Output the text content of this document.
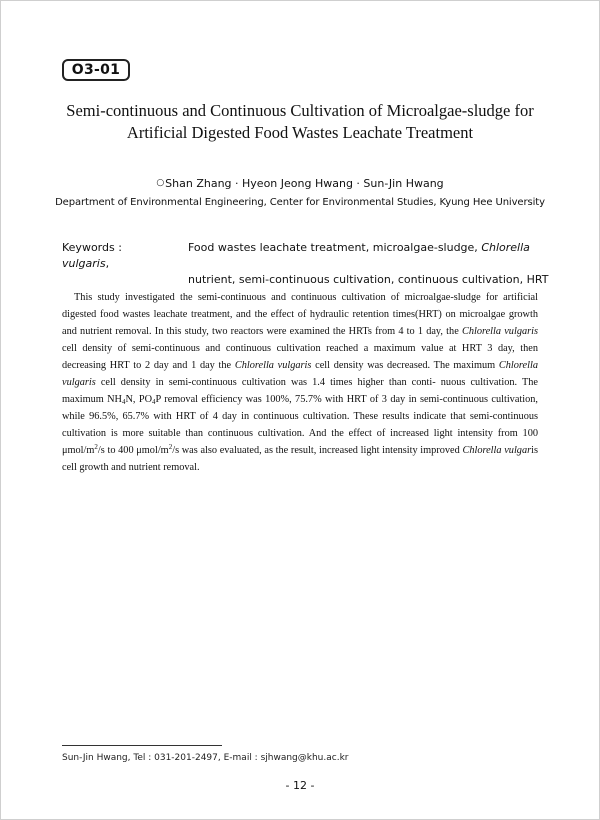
O3-01
Semi-continuous and Continuous Cultivation of Microalgae-sludge for
Artificial Digested Food Wastes Leachate Treatment
○Shan Zhang · Hyeon Jeong Hwang · Sun-Jin Hwang
Department of Environmental Engineering, Center for Environmental Studies, Kyung Hee University
Keywords :	Food wastes leachate treatment, microalgae-sludge, Chlorella vulgaris,
nutrient, semi-continuous cultivation, continuous cultivation, HRT
This study investigated the semi-continuous and continuous cultivation of microalgae-sludge for artificial digested food wastes leachate treatment, and the effect of hydraulic retention times(HRT) on microalgae growth and nutrient removal. In this study, two reactors were examined the HRTs from 4 to 1 day, the Chlorella vulgaris cell density of semi-continuous and continuous cultivation reached a maximum value at HRT 3 day, then decreasing HRT to 2 day and 1 day the Chlorella vulgaris cell density was decreased. The maximum Chlorella vulgaris cell density in semi-continuous cultivation was 1.4 times higher than conti- nuous cultivation. The maximum $NH_4N$, $PO_4P$ removal efficiency was 100%, 75.7% with HRT of 3 day in semi-continuous cultivation, while 96.5%, 65.7% with HRT of 4 day in continuous cultivation. These results indicate that semi-continuous cultivation is more suitable than continuous cultivation. And the effect of increased light intensity from 100 μmol/$m^2/s$ to 400 μmol/$m^2/s$ was also evaluated, as the result, increased light intensity improved Chlorella vulgaris cell growth and nutrient removal.
Sun-Jin Hwang, Tel : 031-201-2497, E-mail : sjhwang@khu.ac.kr
- 12 -
